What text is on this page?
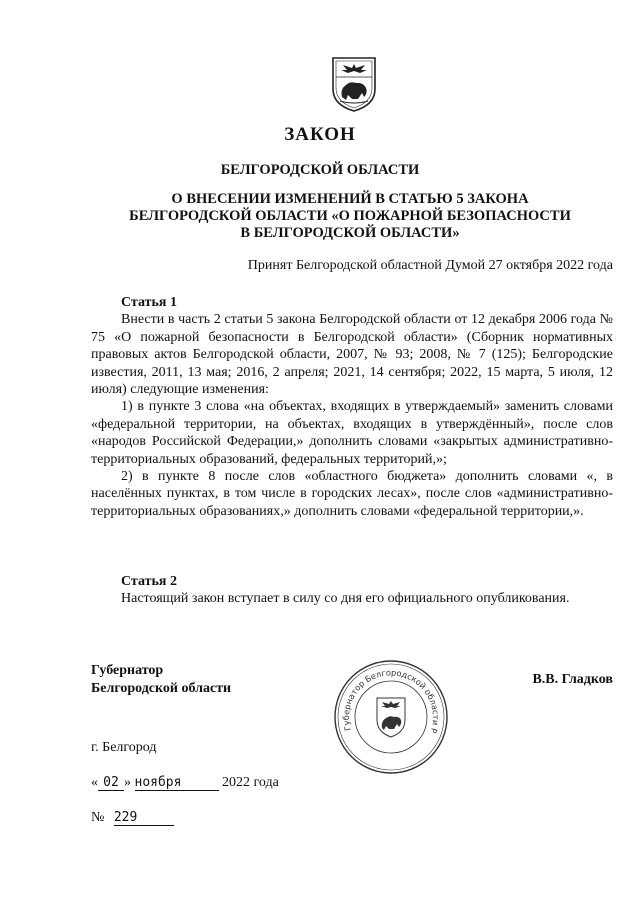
ЗАКОН
БЕЛГОРОДСКОЙ ОБЛАСТИ
О ВНЕСЕНИИ ИЗМЕНЕНИЙ В СТАТЬЮ 5 ЗАКОНА
БЕЛГОРОДСКОЙ ОБЛАСТИ «О ПОЖАРНОЙ БЕЗОПАСНОСТИ
В БЕЛГОРОДСКОЙ ОБЛАСТИ»
Принят Белгородской областной Думой 27 октября 2022 года

Статья 1

Внести в часть 2 статьи 5 закона Белгородской области от 12 декабря 2006 года № 75 «О пожарной безопасности в Белгородской области» (Сборник нормативных правовых актов Белгородской области, 2007, № 93; 2008, № 7 (125); Белгородские известия, 2011, 13 мая; 2016, 2 апреля; 2021, 14 сентября; 2022, 15 марта, 5 июля, 12 июля) следующие изменения:

1) в пункте 3 слова «на объектах, входящих в утверждаемый» заменить словами «федеральной территории, на объектах, входящих в утверждённый», после слов «народов Российской Федерации,» дополнить словами «закрытых административно-территориальных образований, федеральных территорий,»;

2) в пункте 8 после слов «областного бюджета» дополнить словами «, в населённых пунктах, в том числе в городских лесах», после слов «административно-территориальных образованиях,» дополнить словами «федеральной территории,».

Статья 2

Настоящий закон вступает в силу со дня его официального опубликования.

Губернатор
Белгородской области
В.В. Гладков
Губернатор Белгородской области Р
г. Белгород
« 02 » ноября	2022 года
№ 229
